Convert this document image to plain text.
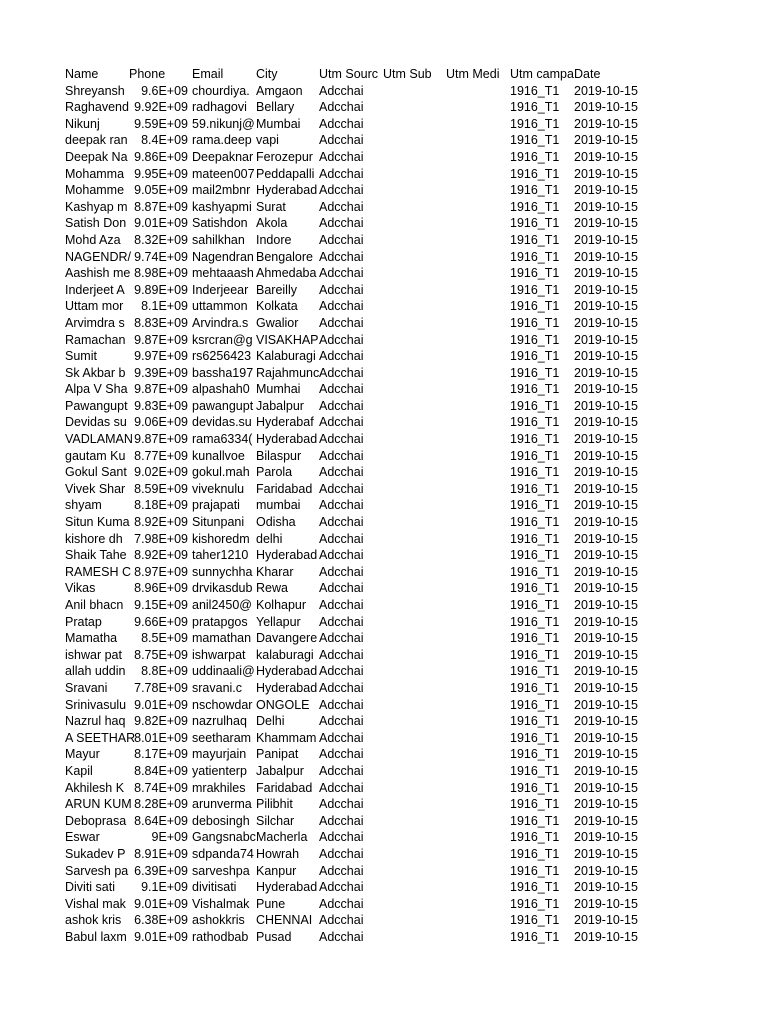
Name	Phone	Email	City	Utm Sourc	Utm Sub	Utm Medi	Utm campa	Date
Shreyansh	9.6E+09	chourdiya.	Amgaon	Adcchai			1916_T1	2019-10-15
Raghavend	9.92E+09	radhagovi	Bellary	Adcchai			1916_T1	2019-10-15
Nikunj	9.59E+09	59.nikunj@	Mumbai	Adcchai			1916_T1	2019-10-15
deepak ran	8.4E+09	rama.deep	vapi	Adcchai			1916_T1	2019-10-15
Deepak Na	9.86E+09	Deepaknar	Ferozepur	Adcchai			1916_T1	2019-10-15
Mohamma	9.95E+09	mateen007	Peddapalli	Adcchai			1916_T1	2019-10-15
Mohamme	9.05E+09	mail2mbnr	Hyderabad	Adcchai			1916_T1	2019-10-15
Kashyap m	8.87E+09	kashyapmi	Surat	Adcchai			1916_T1	2019-10-15
Satish Don	9.01E+09	Satishdon	Akola	Adcchai			1916_T1	2019-10-15
Mohd Aza	8.32E+09	sahilkhan	Indore	Adcchai			1916_T1	2019-10-15
NAGENDR/	9.74E+09	Nagendran	Bengalore	Adcchai			1916_T1	2019-10-15
Aashish me	8.98E+09	mehtaaash	Ahmedaba	Adcchai			1916_T1	2019-10-15
Inderjeet A	9.89E+09	Inderjeear	Bareilly	Adcchai			1916_T1	2019-10-15
Uttam mor	8.1E+09	uttammon	Kolkata	Adcchai			1916_T1	2019-10-15
Arvimdra s	8.83E+09	Arvindra.s	Gwalior	Adcchai			1916_T1	2019-10-15
Ramachan	9.87E+09	ksrcran@g	VISAKHAP	Adcchai			1916_T1	2019-10-15
Sumit	9.97E+09	rs6256423	Kalaburagi	Adcchai			1916_T1	2019-10-15
Sk Akbar b	9.39E+09	bassha197	Rajahmunc	Adcchai			1916_T1	2019-10-15
Alpa V Sha	9.87E+09	alpashah0	Mumhai	Adcchai			1916_T1	2019-10-15
Pawangupt	9.83E+09	pawangupt	Jabalpur	Adcchai			1916_T1	2019-10-15
Devidas su	9.06E+09	devidas.su	Hyderabaf	Adcchai			1916_T1	2019-10-15
VADLAMAN	9.87E+09	rama6334(	Hyderabad	Adcchai			1916_T1	2019-10-15
gautam Ku	8.77E+09	kunallvoe	Bilaspur	Adcchai			1916_T1	2019-10-15
Gokul Sant	9.02E+09	gokul.mah	Parola	Adcchai			1916_T1	2019-10-15
Vivek Shar	8.59E+09	viveknulu	Faridabad	Adcchai			1916_T1	2019-10-15
shyam	8.18E+09	prajapati	mumbai	Adcchai			1916_T1	2019-10-15
Situn Kuma	8.92E+09	Situnpani	Odisha	Adcchai			1916_T1	2019-10-15
kishore dh	7.98E+09	kishoredm	delhi	Adcchai			1916_T1	2019-10-15
Shaik Tahe	8.92E+09	taher1210	Hyderabad	Adcchai			1916_T1	2019-10-15
RAMESH C	8.97E+09	sunnychha	Kharar	Adcchai			1916_T1	2019-10-15
Vikas	8.96E+09	drvikasdub	Rewa	Adcchai			1916_T1	2019-10-15
Anil bhacn	9.15E+09	anil2450@	Kolhapur	Adcchai			1916_T1	2019-10-15
Pratap	9.66E+09	pratapgos	Yellapur	Adcchai			1916_T1	2019-10-15
Mamatha	8.5E+09	mamathan	Davangere	Adcchai			1916_T1	2019-10-15
ishwar pat	8.75E+09	ishwarpat	kalaburagi	Adcchai			1916_T1	2019-10-15
allah uddin	8.8E+09	uddinaali@	Hyderabad	Adcchai			1916_T1	2019-10-15
Sravani	7.78E+09	sravani.c	Hyderabad	Adcchai			1916_T1	2019-10-15
Srinivasulu	9.01E+09	nschowdar	ONGOLE	Adcchai			1916_T1	2019-10-15
Nazrul haq	9.82E+09	nazrulhaq	Delhi	Adcchai			1916_T1	2019-10-15
A SEETHAR	8.01E+09	seetharam	Khammam	Adcchai			1916_T1	2019-10-15
Mayur	8.17E+09	mayurjain	Panipat	Adcchai			1916_T1	2019-10-15
Kapil	8.84E+09	yatienterp	Jabalpur	Adcchai			1916_T1	2019-10-15
Akhilesh K	8.74E+09	mrakhiles	Faridabad	Adcchai			1916_T1	2019-10-15
ARUN KUM	8.28E+09	arunverma	Pilibhit	Adcchai			1916_T1	2019-10-15
Deboprasa	8.64E+09	debosingh	Silchar	Adcchai			1916_T1	2019-10-15
Eswar	9E+09	Gangsnabc	Macherla	Adcchai			1916_T1	2019-10-15
Sukadev P	8.91E+09	sdpanda74	Howrah	Adcchai			1916_T1	2019-10-15
Sarvesh pa	6.39E+09	sarveshpa	Kanpur	Adcchai			1916_T1	2019-10-15
Diviti sati	9.1E+09	divitisati	Hyderabad	Adcchai			1916_T1	2019-10-15
Vishal mak	9.01E+09	Vishalmak	Pune	Adcchai			1916_T1	2019-10-15
ashok kris	6.38E+09	ashokkris	CHENNAI	Adcchai			1916_T1	2019-10-15
Babul laxm	9.01E+09	rathodbab	Pusad	Adcchai			1916_T1	2019-10-15
